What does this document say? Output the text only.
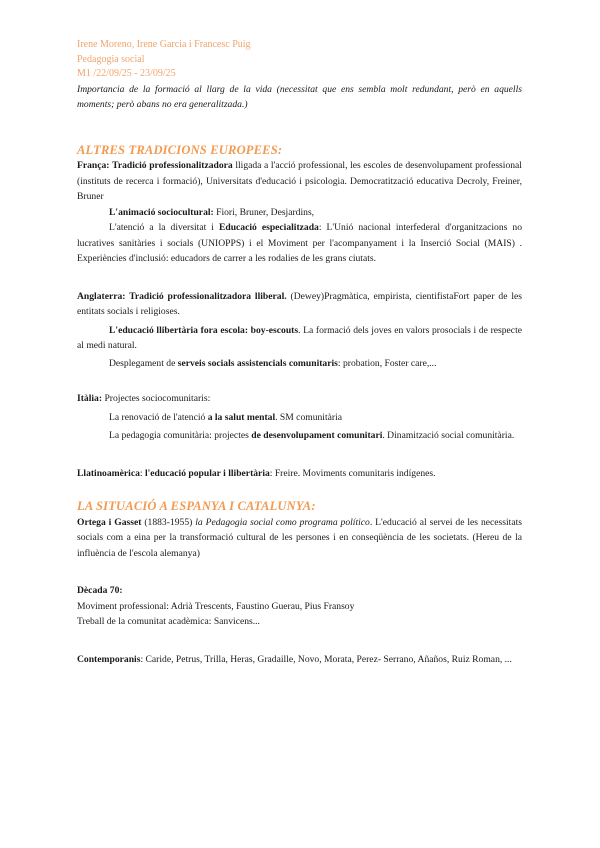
Irene Moreno, Irene Garcia i Francesc Puig
Pedagogia social
M1 /22/09/25 - 23/09/25

Importancia de la formació al llarg de la vida (necessitat que ens sembla molt redundant, però en aquells moments; però abans no era generalitzada.)

ALTRES TRADICIONS EUROPEES:

França: Tradició professionalitzadora lligada a l'acció professional, les escoles de desenvolupament professional (instituts de recerca i formació), Universitats d'educació i psicologia. Democratització educativa Decroly, Freiner, Bruner

L'animació sociocultural: Fiori, Bruner, Desjardins,

L'atenció a la diversitat i Educació especialitzada: L'Unió nacional interfederal d'organitzacions no lucratives sanitàries i socials (UNIOPPS) i el Moviment per l'acompanyament i la Inserció Social (MAIS) . Experiències d'inclusió: educadors de carrer a les rodalies de les grans ciutats.

Anglaterra: Tradició professionalitzadora lliberal. (Dewey)Pragmàtica, empirista, cientifistaFort paper de les entitats socials i religioses.

L'educació llibertària fora escola: boy-escouts. La formació dels joves en valors prosocials i de respecte al medi natural.

Desplegament de serveis socials assistencials comunitaris: probation, Foster care,...

Itàlia: Projectes sociocomunitaris:

La renovació de l'atenció a la salut mental. SM comunitària

La pedagogia comunitària: projectes de desenvolupament comunitari. Dinamització social comunitària.

Llatinoamèrica: l'educació popular i llibertària: Freire. Moviments comunitaris indígenes.

LA SITUACIÓ A ESPANYA I CATALUNYA:

Ortega i Gasset (1883-1955) la Pedagogia social como programa político. L'educació al servei de les necessitats socials com a eina per la transformació cultural de les persones i en conseqüència de les societats. (Hereu de la influència de l'escola alemanya)

Dècada 70:

Moviment professional: Adrià Trescents, Faustino Guerau, Pius Fransoy

Treball de la comunitat acadèmica: Sanvicens...

Contemporanis: Caride, Petrus, Trilla, Heras, Gradaille, Novo, Morata, Perez- Serrano, Añaños, Ruiz Roman, ...
